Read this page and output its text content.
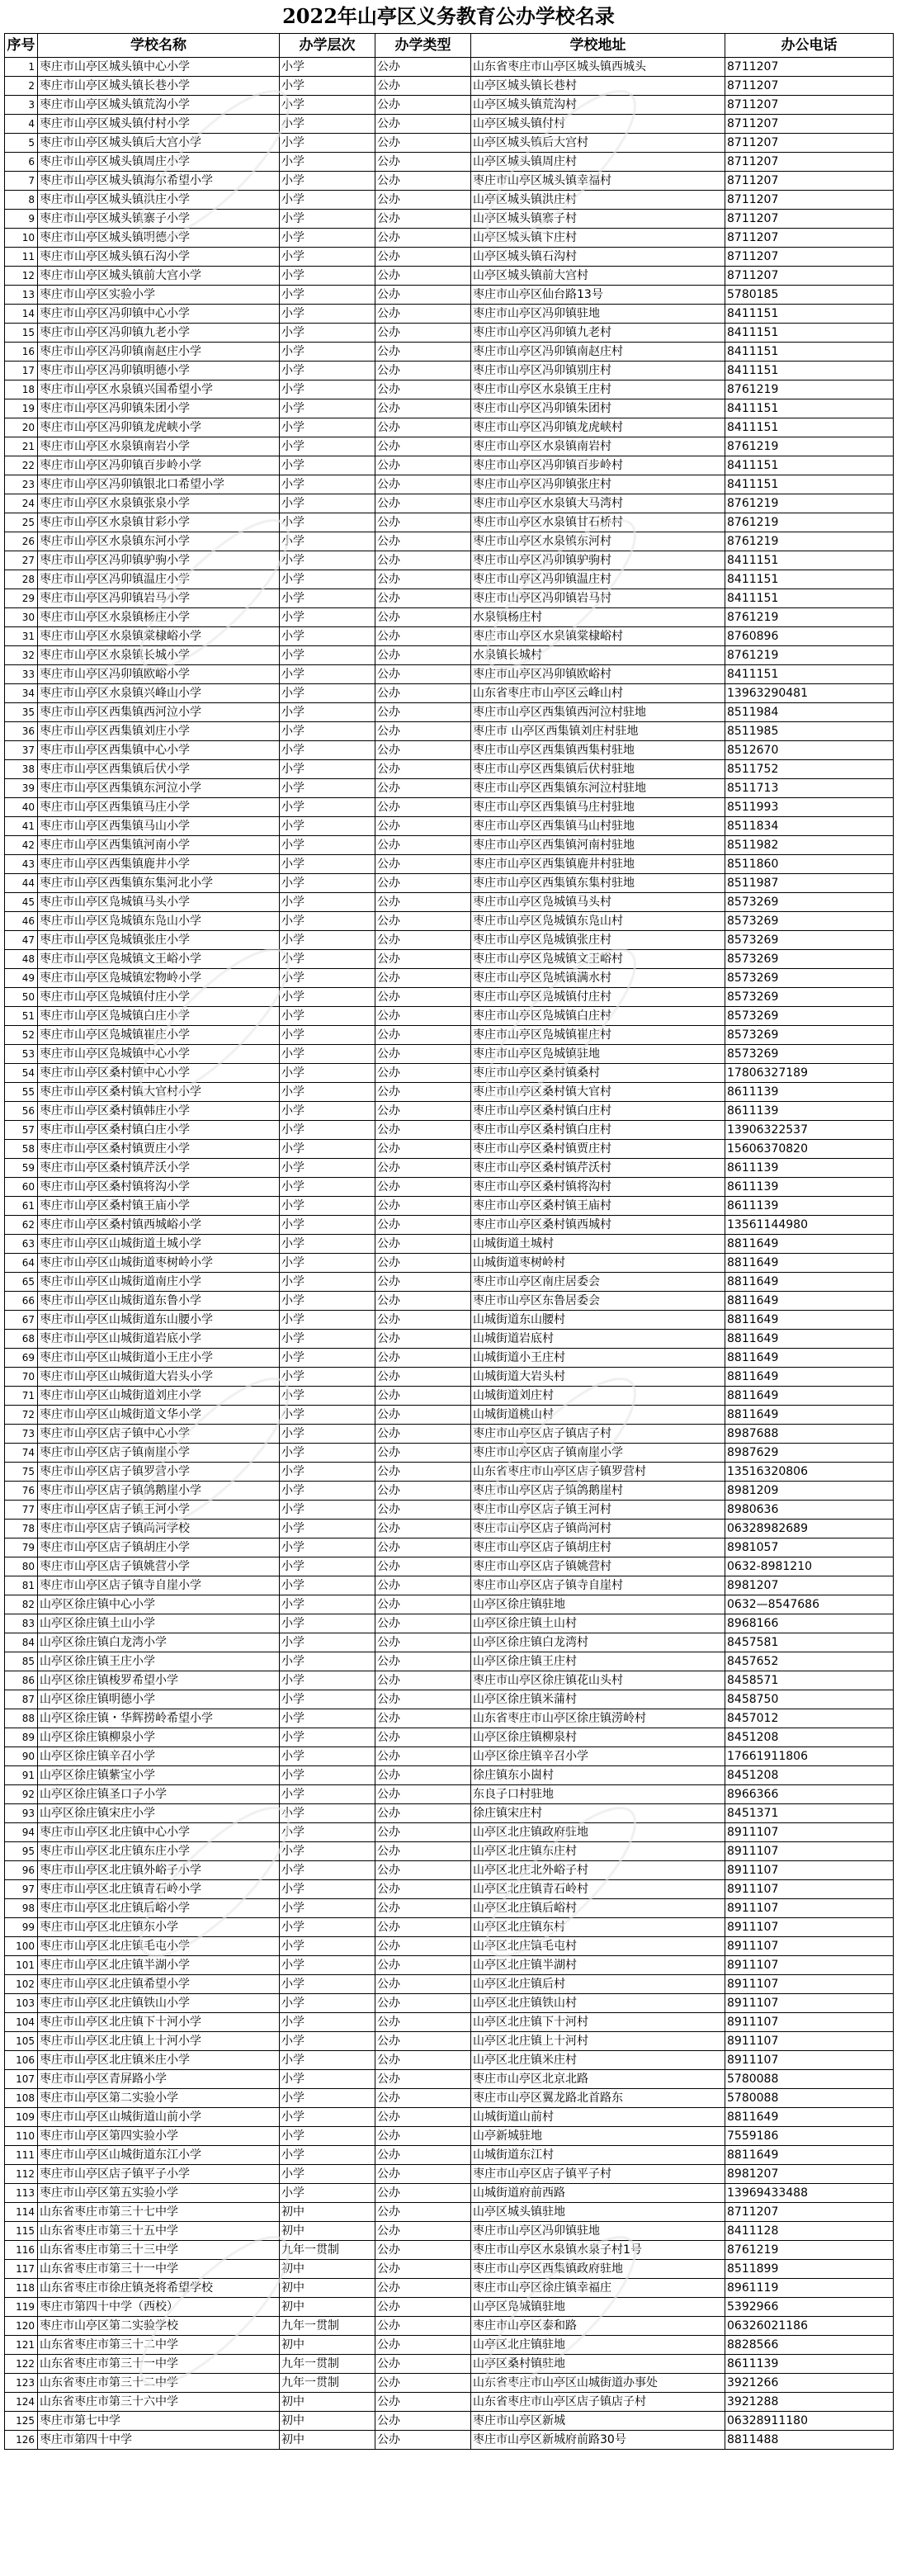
2022年山亭区义务教育公办学校名录
序号	学校名称	办学层次	办学类型	学校地址	办公电话
1	枣庄市山亭区城头镇中心小学	小学	公办	山东省枣庄市山亭区城头镇西城头	8711207
2	枣庄市山亭区城头镇长巷小学	小学	公办	山亭区城头镇长巷村	8711207
3	枣庄市山亭区城头镇荒沟小学	小学	公办	山亭区城头镇荒沟村	8711207
4	枣庄市山亭区城头镇付村小学	小学	公办	山亭区城头镇付村	8711207
5	枣庄市山亭区城头镇后大宫小学	小学	公办	山亭区城头镇后大宫村	8711207
6	枣庄市山亭区城头镇周庄小学	小学	公办	山亭区城头镇周庄村	8711207
7	枣庄市山亭区城头镇海尔希望小学	小学	公办	枣庄市山亭区城头镇幸福村	8711207
8	枣庄市山亭区城头镇洪庄小学	小学	公办	山亭区城头镇洪庄村	8711207
9	枣庄市山亭区城头镇寨子小学	小学	公办	山亭区城头镇寨子村	8711207
10	枣庄市山亭区城头镇明德小学	小学	公办	山亭区城头镇卞庄村	8711207
11	枣庄市山亭区城头镇石沟小学	小学	公办	山亭区城头镇石沟村	8711207
12	枣庄市山亭区城头镇前大宫小学	小学	公办	山亭区城头镇前大宫村	8711207
13	枣庄市山亭区实验小学	小学	公办	枣庄市山亭区仙台路13号	5780185
14	枣庄市山亭区冯卯镇中心小学	小学	公办	枣庄市山亭区冯卯镇驻地	8411151
15	枣庄市山亭区冯卯镇九老小学	小学	公办	枣庄市山亭区冯卯镇九老村	8411151
16	枣庄市山亭区冯卯镇南赵庄小学	小学	公办	枣庄市山亭区冯卯镇南赵庄村	8411151
17	枣庄市山亭区冯卯镇明德小学	小学	公办	枣庄市山亭区冯卯镇别庄村	8411151
18	枣庄市山亭区水泉镇兴国希望小学	小学	公办	枣庄市山亭区水泉镇王庄村	8761219
19	枣庄市山亭区冯卯镇朱团小学	小学	公办	枣庄市山亭区冯卯镇朱团村	8411151
20	枣庄市山亭区冯卯镇龙虎峡小学	小学	公办	枣庄市山亭区冯卯镇龙虎峡村	8411151
21	枣庄市山亭区水泉镇南岩小学	小学	公办	枣庄市山亭区水泉镇南岩村	8761219
22	枣庄市山亭区冯卯镇百步岭小学	小学	公办	枣庄市山亭区冯卯镇百步岭村	8411151
23	枣庄市山亭区冯卯镇银北口希望小学	小学	公办	枣庄市山亭区冯卯镇张庄村	8411151
24	枣庄市山亭区水泉镇张泉小学	小学	公办	枣庄市山亭区水泉镇大马湾村	8761219
25	枣庄市山亭区水泉镇甘彩小学	小学	公办	枣庄市山亭区水泉镇甘石桥村	8761219
26	枣庄市山亭区水泉镇东河小学	小学	公办	枣庄市山亭区水泉镇东河村	8761219
27	枣庄市山亭区冯卯镇驴驹小学	小学	公办	枣庄市山亭区冯卯镇驴驹村	8411151
28	枣庄市山亭区冯卯镇温庄小学	小学	公办	枣庄市山亭区冯卯镇温庄村	8411151
29	枣庄市山亭区冯卯镇岩马小学	小学	公办	枣庄市山亭区冯卯镇岩马村	8411151
30	枣庄市山亭区水泉镇杨庄小学	小学	公办	水泉镇杨庄村	8761219
31	枣庄市山亭区水泉镇棠棣峪小学	小学	公办	枣庄市山亭区水泉镇棠棣峪村	8760896
32	枣庄市山亭区水泉镇长城小学	小学	公办	水泉镇长城村	8761219
33	枣庄市山亭区冯卯镇欧峪小学	小学	公办	枣庄市山亭区冯卯镇欧峪村	8411151
34	枣庄市山亭区水泉镇兴峰山小学	小学	公办	山东省枣庄市山亭区云峰山村	13963290481
35	枣庄市山亭区西集镇西河泣小学	小学	公办	枣庄市山亭区西集镇西河泣村驻地	8511984
36	枣庄市山亭区西集镇刘庄小学	小学	公办	枣庄市 山亭区西集镇刘庄村驻地	8511985
37	枣庄市山亭区西集镇中心小学	小学	公办	枣庄市山亭区西集镇西集村驻地	8512670
38	枣庄市山亭区西集镇后伏小学	小学	公办	枣庄市山亭区西集镇后伏村驻地	8511752
39	枣庄市山亭区西集镇东河泣小学	小学	公办	枣庄市山亭区西集镇东河泣村驻地	8511713
40	枣庄市山亭区西集镇马庄小学	小学	公办	枣庄市山亭区西集镇马庄村驻地	8511993
41	枣庄市山亭区西集镇马山小学	小学	公办	枣庄市山亭区西集镇马山村驻地	8511834
42	枣庄市山亭区西集镇河南小学	小学	公办	枣庄市山亭区西集镇河南村驻地	8511982
43	枣庄市山亭区西集镇鹿井小学	小学	公办	枣庄市山亭区西集镇鹿井村驻地	8511860
44	枣庄市山亭区西集镇东集河北小学	小学	公办	枣庄市山亭区西集镇东集村驻地	8511987
45	枣庄市山亭区凫城镇马头小学	小学	公办	枣庄市山亭区凫城镇马头村	8573269
46	枣庄市山亭区凫城镇东凫山小学	小学	公办	枣庄市山亭区凫城镇东凫山村	8573269
47	枣庄市山亭区凫城镇张庄小学	小学	公办	枣庄市山亭区凫城镇张庄村	8573269
48	枣庄市山亭区凫城镇文王峪小学	小学	公办	枣庄市山亭区凫城镇文王峪村	8573269
49	枣庄市山亭区凫城镇宏物岭小学	小学	公办	枣庄市山亭区凫城镇满水村	8573269
50	枣庄市山亭区凫城镇付庄小学	小学	公办	枣庄市山亭区凫城镇付庄村	8573269
51	枣庄市山亭区凫城镇白庄小学	小学	公办	枣庄市山亭区凫城镇白庄村	8573269
52	枣庄市山亭区凫城镇崔庄小学	小学	公办	枣庄市山亭区凫城镇崔庄村	8573269
53	枣庄市山亭区凫城镇中心小学	小学	公办	枣庄市山亭区凫城镇驻地	8573269
54	枣庄市山亭区桑村镇中心小学	小学	公办	枣庄市山亭区桑村镇桑村	17806327189
55	枣庄市山亭区桑村镇大官村小学	小学	公办	枣庄市山亭区桑村镇大官村	8611139
56	枣庄市山亭区桑村镇韩庄小学	小学	公办	枣庄市山亭区桑村镇白庄村	8611139
57	枣庄市山亭区桑村镇白庄小学	小学	公办	枣庄市山亭区桑村镇白庄村	13906322537
58	枣庄市山亭区桑村镇贾庄小学	小学	公办	枣庄市山亭区桑村镇贾庄村	15606370820
59	枣庄市山亭区桑村镇芹沃小学	小学	公办	枣庄市山亭区桑村镇芹沃村	8611139
60	枣庄市山亭区桑村镇将沟小学	小学	公办	枣庄市山亭区桑村镇将沟村	8611139
61	枣庄市山亭区桑村镇王庙小学	小学	公办	枣庄市山亭区桑村镇王庙村	8611139
62	枣庄市山亭区桑村镇西城峪小学	小学	公办	枣庄市山亭区桑村镇西城村	13561144980
63	枣庄市山亭区山城街道土城小学	小学	公办	山城街道土城村	8811649
64	枣庄市山亭区山城街道枣树岭小学	小学	公办	山城街道枣树岭村	8811649
65	枣庄市山亭区山城街道南庄小学	小学	公办	枣庄市山亭区南庄居委会	8811649
66	枣庄市山亭区山城街道东鲁小学	小学	公办	枣庄市山亭区东鲁居委会	8811649
67	枣庄市山亭区山城街道东山腰小学	小学	公办	山城街道东山腰村	8811649
68	枣庄市山亭区山城街道岩底小学	小学	公办	山城街道岩底村	8811649
69	枣庄市山亭区山城街道小王庄小学	小学	公办	山城街道小王庄村	8811649
70	枣庄市山亭区山城街道大岩头小学	小学	公办	山城街道大岩头村	8811649
71	枣庄市山亭区山城街道刘庄小学	小学	公办	山城街道刘庄村	8811649
72	枣庄市山亭区山城街道文华小学	小学	公办	山城街道桃山村	8811649
73	枣庄市山亭区店子镇中心小学	小学	公办	枣庄市山亭区店子镇店子村	8987688
74	枣庄市山亭区店子镇南崖小学	小学	公办	枣庄市山亭区店子镇南崖小学	8987629
75	枣庄市山亭区店子镇罗营小学	小学	公办	山东省枣庄市山亭区店子镇罗营村	13516320806
76	枣庄市山亭区店子镇鸽鹅崖小学	小学	公办	枣庄市山亭区店子镇鸽鹅崖村	8981209
77	枣庄市山亭区店子镇王河小学	小学	公办	枣庄市山亭区店子镇王河村	8980636
78	枣庄市山亭区店子镇尚河学校	小学	公办	枣庄市山亭区店子镇尚河村	06328982689
79	枣庄市山亭区店子镇胡庄小学	小学	公办	枣庄市山亭区店子镇胡庄村	8981057
80	枣庄市山亭区店子镇姚营小学	小学	公办	枣庄市山亭区店子镇姚营村	0632-8981210
81	枣庄市山亭区店子镇寺自崖小学	小学	公办	枣庄市山亭区店子镇寺自崖村	8981207
82	山亭区徐庄镇中心小学	小学	公办	山亭区徐庄镇驻地	0632—8547686
83	山亭区徐庄镇土山小学	小学	公办	山亭区徐庄镇土山村	8968166
84	山亭区徐庄镇白龙湾小学	小学	公办	山亭区徐庄镇白龙湾村	8457581
85	山亭区徐庄镇王庄小学	小学	公办	山亭区徐庄镇王庄村	8457652
86	山亭区徐庄镇梭罗希望小学	小学	公办	枣庄市山亭区徐庄镇花山头村	8458571
87	山亭区徐庄镇明德小学	小学	公办	山亭区徐庄镇米蒲村	8458750
88	山亭区徐庄镇・华辉捞岭希望小学	小学	公办	山东省枣庄市山亭区徐庄镇涝岭村	8457012
89	山亭区徐庄镇柳泉小学	小学	公办	山亭区徐庄镇柳泉村	8451208
90	山亭区徐庄镇辛召小学	小学	公办	山亭区徐庄镇辛召小学	17661911806
91	山亭区徐庄镇紫宝小学	小学	公办	徐庄镇东小崮村	8451208
92	山亭区徐庄镇圣口子小学	小学	公办	东良子口村驻地	8966366
93	山亭区徐庄镇宋庄小学	小学	公办	徐庄镇宋庄村	8451371
94	枣庄市山亭区北庄镇中心小学	小学	公办	山亭区北庄镇政府驻地	8911107
95	枣庄市山亭区北庄镇东庄小学	小学	公办	山亭区北庄镇东庄村	8911107
96	枣庄市山亭区北庄镇外峪子小学	小学	公办	山亭区北庄北外峪子村	8911107
97	枣庄市山亭区北庄镇青石岭小学	小学	公办	山亭区北庄镇青石岭村	8911107
98	枣庄市山亭区北庄镇后峪小学	小学	公办	山亭区北庄镇后峪村	8911107
99	枣庄市山亭区北庄镇东小学	小学	公办	山亭区北庄镇东村	8911107
100	枣庄市山亭区北庄镇毛屯小学	小学	公办	山亭区北庄镇毛屯村	8911107
101	枣庄市山亭区北庄镇半湖小学	小学	公办	山亭区北庄镇半湖村	8911107
102	枣庄市山亭区北庄镇希望小学	小学	公办	山亭区北庄镇后村	8911107
103	枣庄市山亭区北庄镇铁山小学	小学	公办	山亭区北庄镇铁山村	8911107
104	枣庄市山亭区北庄镇下十河小学	小学	公办	山亭区北庄镇下十河村	8911107
105	枣庄市山亭区北庄镇上十河小学	小学	公办	山亭区北庄镇上十河村	8911107
106	枣庄市山亭区北庄镇米庄小学	小学	公办	山亭区北庄镇米庄村	8911107
107	枣庄市山亭区青屏路小学	小学	公办	枣庄市山亭区北京北路	5780088
108	枣庄市山亭区第二实验小学	小学	公办	枣庄市山亭区翼龙路北首路东	5780088
109	枣庄市山亭区山城街道山前小学	小学	公办	山城街道山前村	8811649
110	枣庄市山亭区第四实验小学	小学	公办	山亭新城驻地	7559186
111	枣庄市山亭区山城街道东江小学	小学	公办	山城街道东江村	8811649
112	枣庄市山亭区店子镇平子小学	小学	公办	枣庄市山亭区店子镇平子村	8981207
113	枣庄市山亭区第五实验小学	小学	公办	山城街道府前西路	13969433488
114	山东省枣庄市第三十七中学	初中	公办	山亭区城头镇驻地	8711207
115	山东省枣庄市第三十五中学	初中	公办	枣庄市山亭区冯卯镇驻地	8411128
116	山东省枣庄市第三十三中学	九年一贯制	公办	枣庄市山亭区水泉镇水泉子村1号	8761219
117	山东省枣庄市第三十一中学	初中	公办	枣庄市山亭区西集镇政府驻地	8511899
118	山东省枣庄市徐庄镇尧将希望学校	初中	公办	枣庄市山亭区徐庄镇幸福庄	8961119
119	枣庄市第四十中学（西校）	初中	公办	山亭区凫城镇驻地	5392966
120	枣庄市山亭区第二实验学校	九年一贯制	公办	枣庄市山亭区泰和路	06326021186
121	山东省枣庄市第三十二中学	初中	公办	山亭区北庄镇驻地	8828566
122	山东省枣庄市第三十一中学	九年一贯制	公办	山亭区桑村镇驻地	8611139
123	山东省枣庄市第三十二中学	九年一贯制	公办	山东省枣庄市山亭区山城街道办事处	3921266
124	山东省枣庄市第三十六中学	初中	公办	山东省枣庄市山亭区店子镇店子村	3921288
125	枣庄市第七中学	初中	公办	枣庄市山亭区新城	06328911180
126	枣庄市第四十中学	初中	公办	枣庄市山亭区新城府前路30号	8811488
